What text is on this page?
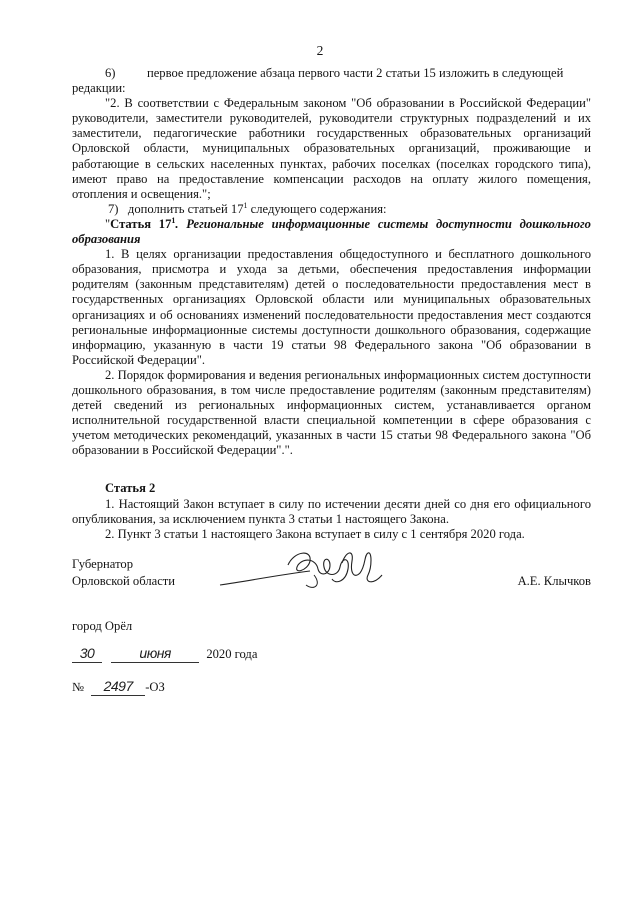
2

6)          первое предложение абзаца первого части 2 статьи 15 изложить в следующей

редакции:

"2. В соответствии с Федеральным законом "Об образовании в Российской Федерации" руководители, заместители руководителей, руководители структурных подразделений и их заместители, педагогические работники государственных образовательных организаций Орловской области, муниципальных образовательных организаций, проживающие и работающие в сельских населенных пунктах, рабочих поселках (поселках городского типа), имеют право на предоставление компенсации расходов на оплату жилого помещения, отопления и освещения.";

7)   дополнить статьей $17^1$ следующего содержания:

"Статья $17^1$. Региональные информационные системы доступности дошкольного образования

1. В целях организации предоставления общедоступного и бесплатного дошкольного образования, присмотра и ухода за детьми, обеспечения предоставления информации родителям (законным представителям) детей о последовательности предоставления мест в государственных организациях Орловской области или муниципальных образовательных организациях и об основаниях изменений последовательности предоставления мест создаются региональные информационные системы доступности дошкольного образования, содержащие информацию, указанную в части 19 статьи 98 Федерального закона "Об образовании в Российской Федерации".

2. Порядок формирования и ведения региональных информационных систем доступности дошкольного образования, в том числе предоставление родителям (законным представителям) детей сведений из региональных информационных систем, устанавливается органом исполнительной государственной власти специальной компетенции в сфере образования с учетом методических рекомендаций, указанных в части 15 статьи 98 Федерального закона "Об образовании в Российской Федерации".".

Статья 2

1. Настоящий Закон вступает в силу по истечении десяти дней со дня его официального опубликования, за исключением пункта 3 статьи 1 настоящего Закона.

2. Пункт 3 статьи 1 настоящего Закона вступает в силу с 1 сентября 2020 года.

Губернатор
Орловской области	А.Е. Клычков
город Орёл
30	июня	2020 года
№ 2497 -ОЗ
